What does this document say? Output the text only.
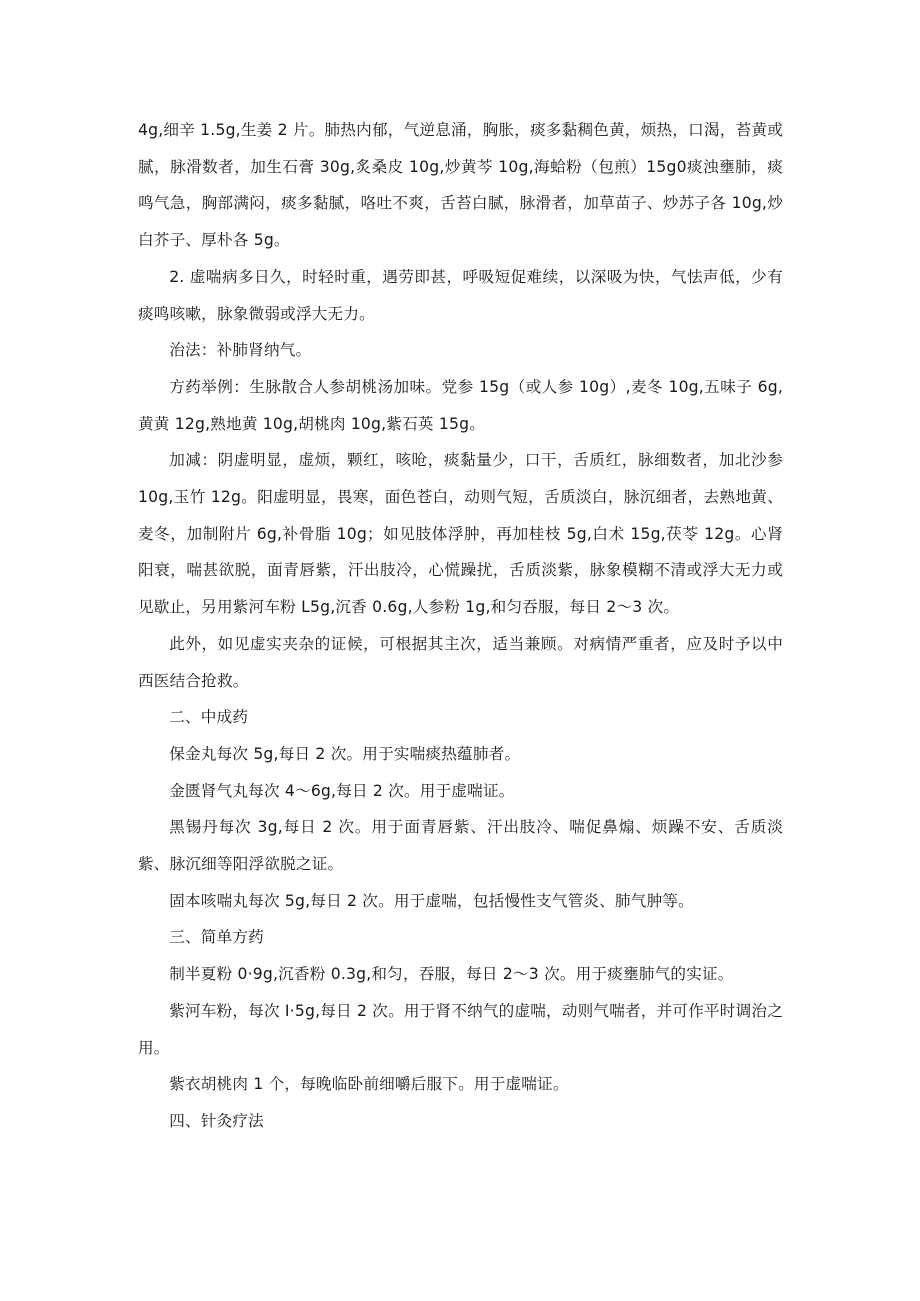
4g,细辛 1.5g,生姜 2 片。肺热内郁，气逆息涌，胸胀，痰多黏稠色黄，烦热，口渴，苔黄或腻，脉滑数者，加生石膏 30g,炙桑皮 10g,炒黄芩 10g,海蛤粉（包煎）15g0痰浊壅肺，痰鸣气急，胸部满闷，痰多黏腻，咯吐不爽，舌苔白腻，脉滑者，加草苗子、炒苏子各 10g,炒白芥子、厚朴各 5g。

2. 虚喘病多日久，时轻时重，遇劳即甚，呼吸短促难续，以深吸为快，气怯声低，少有痰鸣咳嗽，脉象微弱或浮大无力。

治法：补肺肾纳气。

方药举例：生脉散合人参胡桃汤加味。党参 15g（或人参 10g）,麦冬 10g,五味子 6g,黄黄 12g,熟地黄 10g,胡桃肉 10g,紫石英 15g。

加减：阴虚明显，虚烦，颗红，咳呛，痰黏量少，口干，舌质红，脉细数者，加北沙参 10g,玉竹 12g。阳虚明显，畏寒，面色苍白，动则气短，舌质淡白，脉沉细者，去熟地黄、麦冬，加制附片 6g,补骨脂 10g；如见肢体浮肿，再加桂枝 5g,白术 15g,茯苓 12g。心肾阳衰，喘甚欲脱，面青唇紫，汗出肢冷，心慌躁扰，舌质淡紫，脉象模糊不清或浮大无力或见歇止，另用紫河车粉 L5g,沉香 0.6g,人参粉 1g,和匀吞服，每日 2～3 次。

此外，如见虚实夹杂的证候，可根据其主次，适当兼顾。对病情严重者，应及时予以中西医结合抢救。

二、中成药

保金丸每次 5g,每日 2 次。用于实喘痰热蕴肺者。

金匮肾气丸每次 4～6g,每日 2 次。用于虚喘证。

黑锡丹每次 3g,每日 2 次。用于面青唇紫、汗出肢冷、喘促鼻煽、烦躁不安、舌质淡紫、脉沉细等阳浮欲脱之证。

固本咳喘丸每次 5g,每日 2 次。用于虚喘，包括慢性支气管炎、肺气肿等。

三、简单方药

制半夏粉 0·9g,沉香粉 0.3g,和匀，吞服，每日 2～3 次。用于痰壅肺气的实证。

紫河车粉，每次 I·5g,每日 2 次。用于肾不纳气的虚喘，动则气喘者，并可作平时调治之用。

紫衣胡桃肉 1 个，每晚临卧前细嚼后服下。用于虚喘证。

四、针灸疗法
